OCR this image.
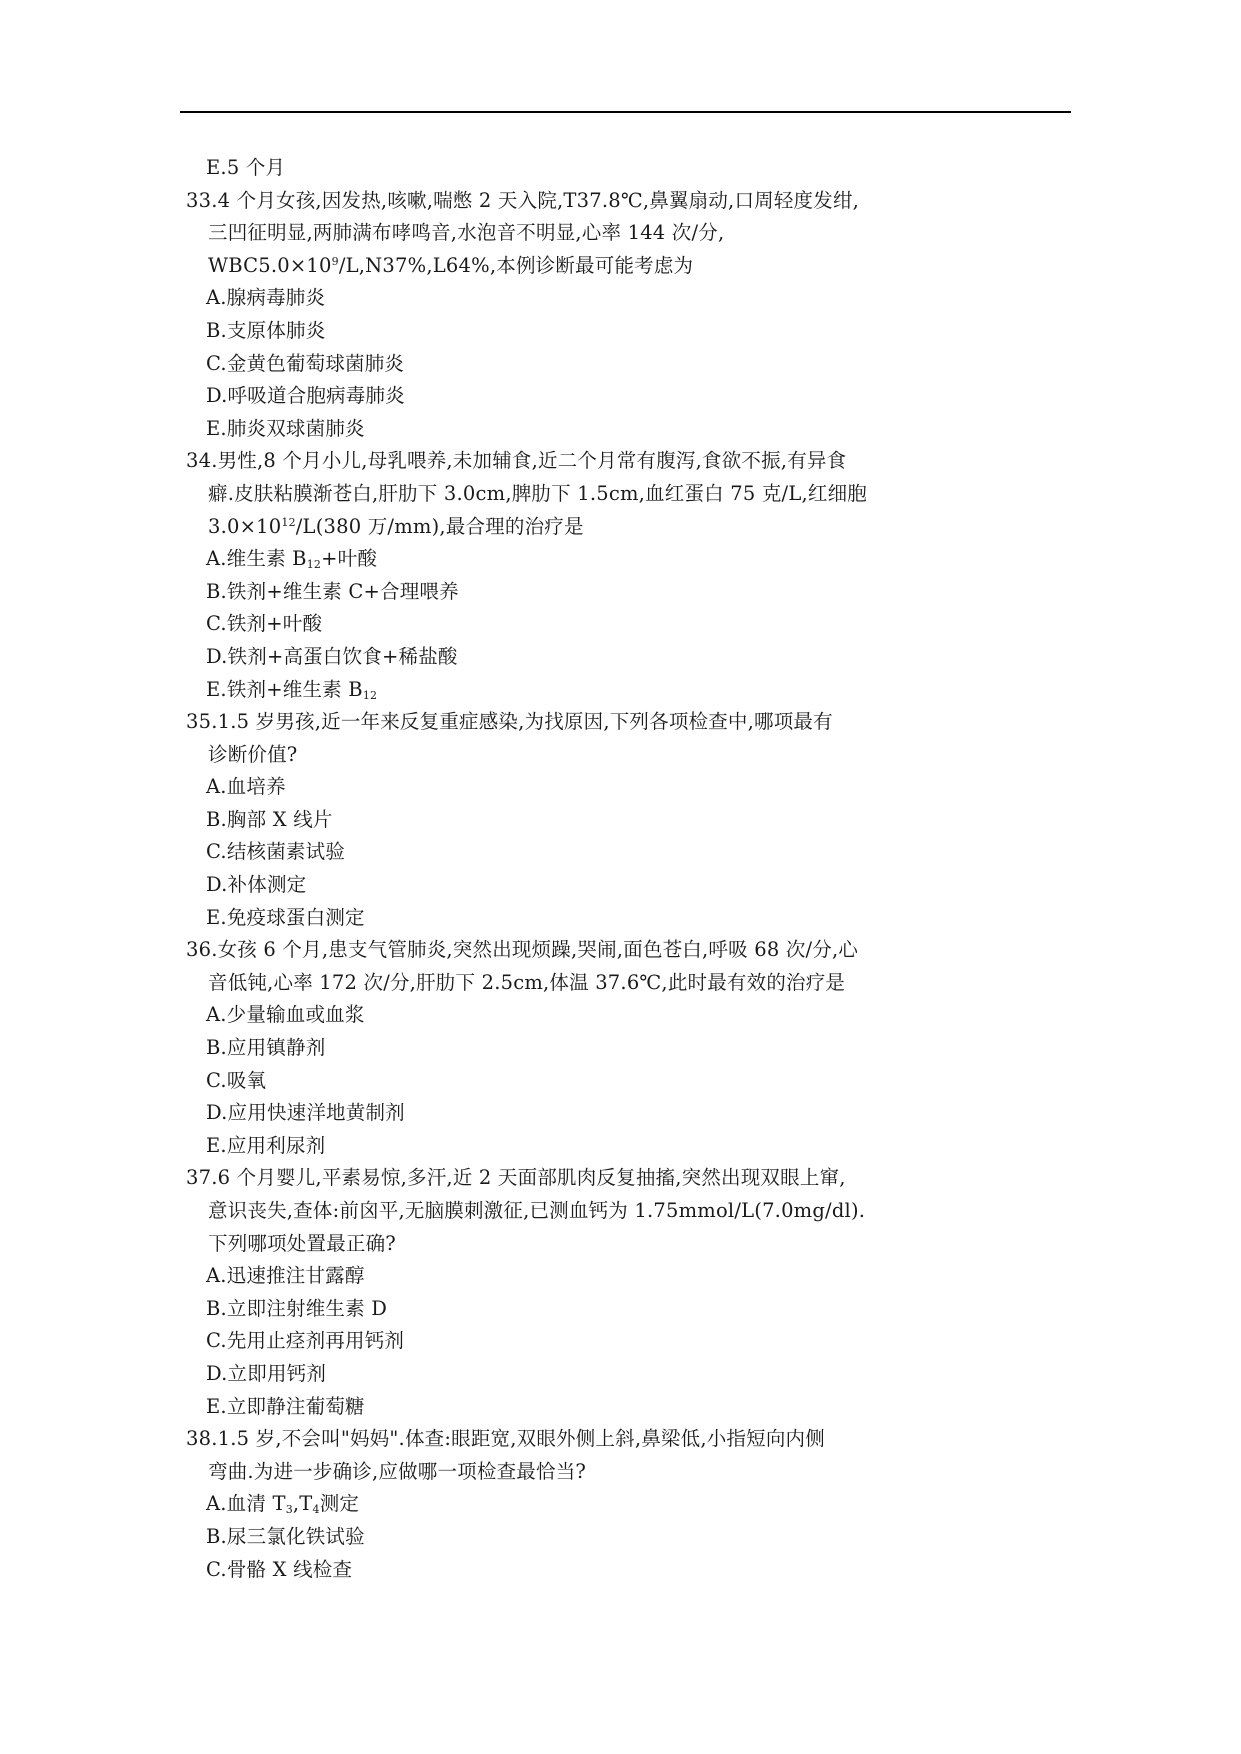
E.5 个月
33.4 个月女孩,因发热,咳嗽,喘憋 2 天入院,T37.8℃,鼻翼扇动,口周轻度发绀,
三凹征明显,两肺满布哮鸣音,水泡音不明显,心率 144 次/分,
$WBC5.0\times 10^9/L,N37\%,L64\%$,本例诊断最可能考虑为
A.腺病毒肺炎
B.支原体肺炎
C.金黄色葡萄球菌肺炎
D.呼吸道合胞病毒肺炎
E.肺炎双球菌肺炎
34.男性,8 个月小儿,母乳喂养,未加辅食,近二个月常有腹泻,食欲不振,有异食
癖.皮肤粘膜渐苍白,肝肋下 3.0cm,脾肋下 1.5cm,血红蛋白 75 克/L,红细胞
$3.0\times 10^{12}/L(380$ 万/mm),最合理的治疗是
A.维生素 $B_{12}+$叶酸
B.铁剂+维生素 C+合理喂养
C.铁剂+叶酸
D.铁剂+高蛋白饮食+稀盐酸
E.铁剂+维生素 $B_{12}$
35.1.5 岁男孩,近一年来反复重症感染,为找原因,下列各项检查中,哪项最有
诊断价值?
A.血培养
B.胸部 X 线片
C.结核菌素试验
D.补体测定
E.免疫球蛋白测定
36.女孩 6 个月,患支气管肺炎,突然出现烦躁,哭闹,面色苍白,呼吸 68 次/分,心
音低钝,心率 172 次/分,肝肋下 2.5cm,体温 37.6℃,此时最有效的治疗是
A.少量输血或血浆
B.应用镇静剂
C.吸氧
D.应用快速洋地黄制剂
E.应用利尿剂
37.6 个月婴儿,平素易惊,多汗,近 2 天面部肌肉反复抽搐,突然出现双眼上窜,
意识丧失,查体:前囟平,无脑膜刺激征,已测血钙为 1.75mmol/L(7.0mg/dl).
下列哪项处置最正确?
A.迅速推注甘露醇
B.立即注射维生素 D
C.先用止痉剂再用钙剂
D.立即用钙剂
E.立即静注葡萄糖
38.1.5 岁,不会叫"妈妈".体查:眼距宽,双眼外侧上斜,鼻梁低,小指短向内侧
弯曲.为进一步确诊,应做哪一项检查最恰当?
A.血清 $T_3,T_4$测定
B.尿三氯化铁试验
C.骨骼 X 线检查
